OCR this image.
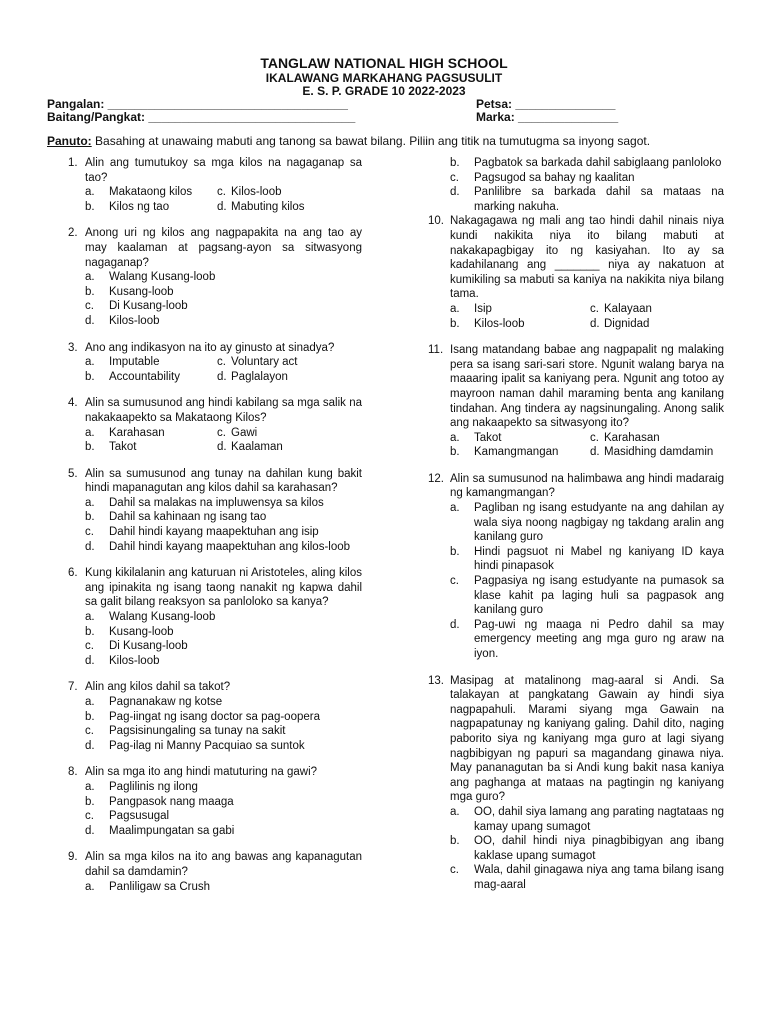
TANGLAW NATIONAL HIGH SCHOOL
IKALAWANG MARKAHANG PAGSUSULIT
E. S. P. GRADE 10 2022-2023
Pangalan: ____________________________________
Baitang/Pangkat: _______________________________
Petsa: _______________
Marka: _______________
Panuto: Basahing at unawaing mabuti ang tanong sa bawat bilang. Piliin ang titik na tumutugma sa inyong sagot.
1. Alin ang tumutukoy sa mga kilos na nagaganap sa tao?
a.	Makataong kilos c. Kilos-loob
b.	Kilos ng tao	d. Mabuting kilos
2. Anong uri ng kilos ang nagpapakita na ang tao ay may kaalaman at pagsang-ayon sa sitwasyong nagaganap?
a.	Walang Kusang-loob
b.	Kusang-loob
c.	Di Kusang-loob
d.	Kilos-loob
3. Ano ang indikasyon na ito ay ginusto at sinadya?
a.	Imputable	c. Voluntary act
b.	Accountability	d. Paglalayon
4. Alin sa sumusunod ang hindi kabilang sa mga salik na nakakaapekto sa Makataong Kilos?
a.	Karahasan	c. Gawi
b.	Takot	d. Kaalaman
5. Alin sa sumusunod ang tunay na dahilan kung bakit hindi mapanagutan ang kilos dahil sa karahasan?
a.	Dahil sa malakas na impluwensya sa kilos
b.	Dahil sa kahinaan ng isang tao
c.	Dahil hindi kayang maapektuhan ang isip
d.	Dahil hindi kayang maapektuhan ang kilos-loob
6. Kung kikilalanin ang katuruan ni Aristoteles, aling kilos ang ipinakita ng isang taong nanakit ng kapwa dahil sa galit bilang reaksyon sa panloloko sa kanya?
a.	Walang Kusang-loob
b.	Kusang-loob
c.	Di Kusang-loob
d.	Kilos-loob
7. Alin ang kilos dahil sa takot?
a.	Pagnanakaw ng kotse
b.	Pag-iingat ng isang doctor sa pag-oopera
c.	Pagsisinungaling sa tunay na sakit
d.	Pag-ilag ni Manny Pacquiao sa suntok
8. Alin sa mga ito ang hindi matuturing na gawi?
a.	Paglilinis ng ilong
b.	Pangpasok nang maaga
c.	Pagsusugal
d.	Maalimpungatan sa gabi
9. Alin sa mga kilos na ito ang bawas ang kapanagutan dahil sa damdamin?
a.	Panliligaw sa Crush
b.	Pagbatok sa barkada dahil sabiglaang panloloko
c.	Pagsugod sa bahay ng kaalitan
d.	Panlilibre sa barkada dahil sa mataas na marking nakuha.
10. Nakagagawa ng mali ang tao hindi dahil ninais niya kundi nakikita niya ito bilang mabuti at nakakapagbigay ito ng kasiyahan. Ito ay sa kadahilanang ang _______ niya ay nakatuon at kumikiling sa mabuti sa kaniya na nakikita niya bilang tama.
a.	Isip	c. Kalayaan
b.	Kilos-loob	d. Dignidad
11. Isang matandang babae ang nagpapalit ng malaking pera sa isang sari-sari store. Ngunit walang barya na maaaring ipalit sa kaniyang pera. Ngunit ang totoo ay mayroon naman dahil maraming benta ang kanilang tindahan. Ang tindera ay nagsinungaling. Anong salik ang nakaapekto sa sitwasyong ito?
a.	Takot	c. Karahasan
b.	Kamangmangan	d. Masidhing damdamin
12. Alin sa sumusunod na halimbawa ang hindi madaraig ng kamangmangan?
a.	Pagliban ng isang estudyante na ang dahilan ay wala siya noong nagbigay ng takdang aralin ang kanilang guro
b.	Hindi pagsuot ni Mabel ng kaniyang ID kaya hindi pinapasok
c.	Pagpasiya ng isang estudyante na pumasok sa klase kahit pa laging huli sa pagpasok ang kanilang guro
d.	Pag-uwi ng maaga ni Pedro dahil sa may emergency meeting ang mga guro ng araw na iyon.
13. Masipag at matalinong mag-aaral si Andi. Sa talakayan at pangkatang Gawain ay hindi siya nagpapahuli. Marami siyang mga Gawain na nagpapatunay ng kaniyang galing. Dahil dito, naging paborito siya ng kaniyang mga guro at lagi siyang nagbibigyan ng papuri sa magandang ginawa niya. May pananagutan ba si Andi kung bakit nasa kaniya ang paghanga at mataas na pagtingin ng kaniyang mga guro?
a.	OO, dahil siya lamang ang parating nagtataas ng kamay upang sumagot
b.	OO, dahil hindi niya pinagbibigyan ang ibang kaklase upang sumagot
c.	Wala, dahil ginagawa niya ang tama bilang isang mag-aaral
